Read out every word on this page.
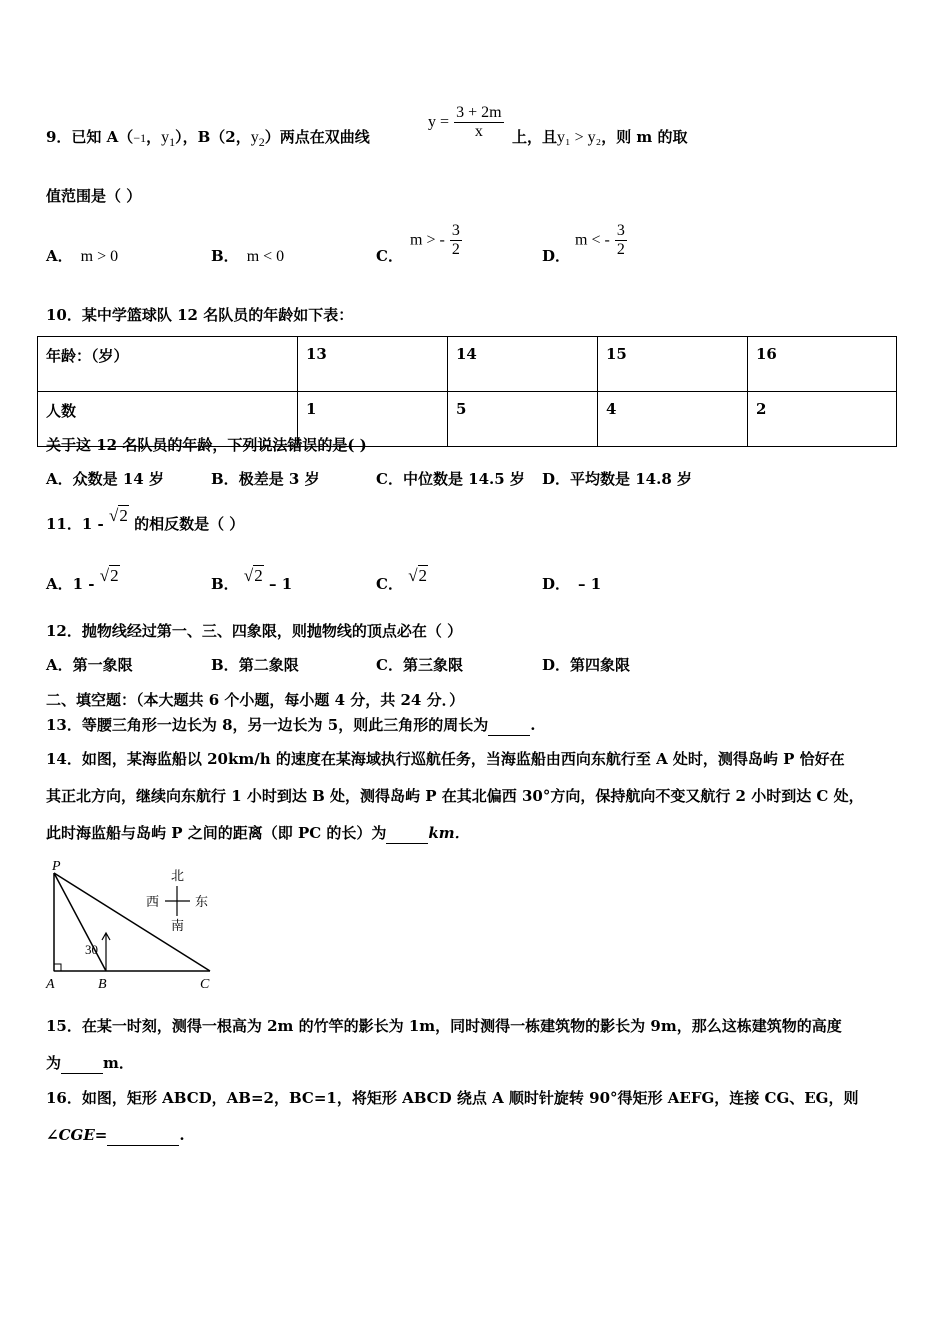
9．已知 A（−1，$y_1$），B（2，$y_2$）两点在双曲线
$y = \frac{3 + 2m}{x}$ 上，且y₁ > y₂，则 m 的取
值范围是（ ）
A． m > 0	B． m < 0	C．
m > - $\frac{3}{2}$	D．
m < - $\frac{3}{2}$
10．某中学篮球队 12 名队员的年龄如下表：
年龄：（岁）	13	14	15	16
人数	1	5	4	2
关于这 12 名队员的年龄，下列说法错误的是( )
A．众数是 14 岁	B．极差是 3 岁	C．中位数是 14.5 岁 D．平均数是 14.8 岁
11．1 - √2 的相反数是（ ）
A．1 - √2	B． √2 – 1	C． √2	D． – 1
12．抛物线经过第一、三、四象限，则抛物线的顶点必在（ ）
A．第一象限	B．第二象限	C．第三象限	D．第四象限
二、填空题：（本大题共 6 个小题，每小题 4 分，共 24 分．）
13．等腰三角形一边长为 8，另一边长为 5，则此三角形的周长为	.
14．如图，某海监船以 20km/h 的速度在某海域执行巡航任务，当海监船由西向东航行至 A 处时，测得岛屿 P 恰好在
其正北方向，继续向东航行 1 小时到达 B 处，测得岛屿 P 在其北偏西 30°方向，保持航向不变又航行 2 小时到达 C 处，
此时海监船与岛屿 P 之间的距离（即 PC 的长）为	km．
P
A	B	C
30
北
南
西	东
15．在某一时刻，测得一根高为 2m 的竹竿的影长为 1m，同时测得一栋建筑物的影长为 9m，那么这栋建筑物的高度
为	m．
16．如图，矩形 ABCD，AB=2，BC=1，将矩形 ABCD 绕点 A 顺时针旋转 90°得矩形 AEFG，连接 CG、EG，则
∠CGE=	.
